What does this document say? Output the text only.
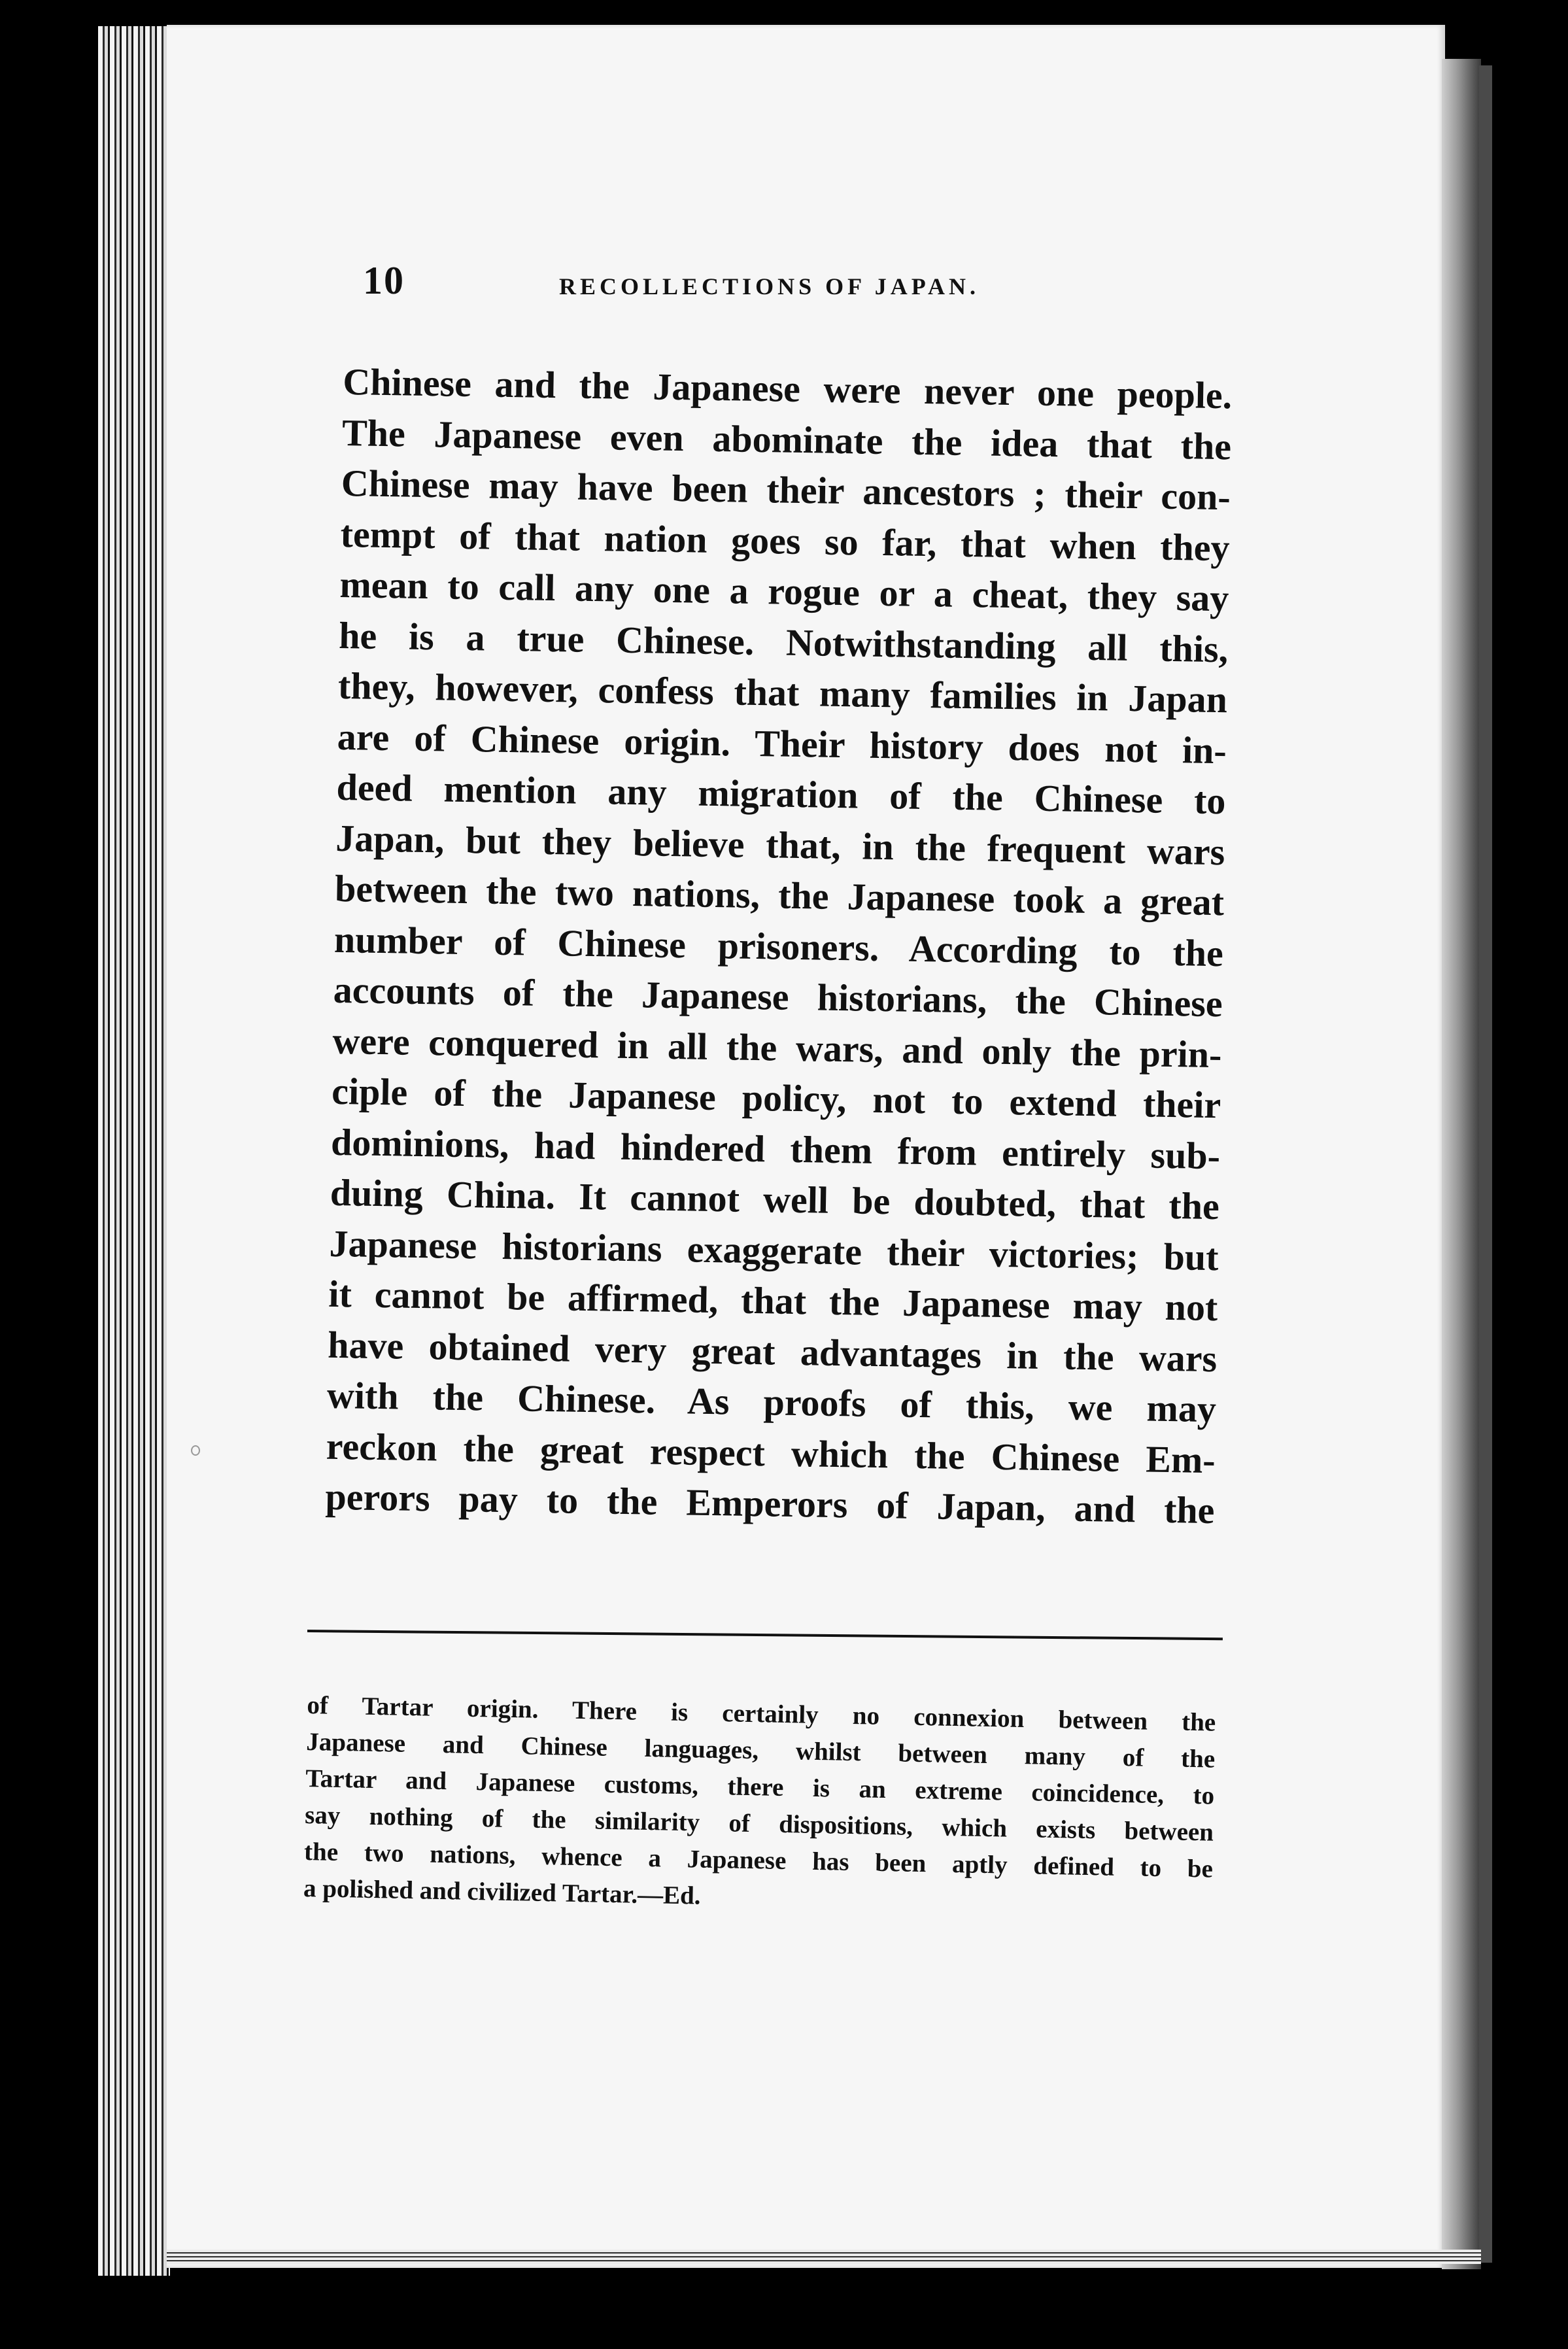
10	RECOLLECTIONS OF JAPAN.
Chinese and the Japanese were never one people.
The Japanese even abominate the idea that the
Chinese may have been their ancestors ; their con-
tempt of that nation goes so far, that when they
mean to call any one a rogue or a cheat, they say
he is a true Chinese. Notwithstanding all this,
they, however, confess that many families in Japan
are of Chinese origin. Their history does not in-
deed mention any migration of the Chinese to
Japan, but they believe that, in the frequent wars
between the two nations, the Japanese took a great
number of Chinese prisoners. According to the
accounts of the Japanese historians, the Chinese
were conquered in all the wars, and only the prin-
ciple of the Japanese policy, not to extend their
dominions, had hindered them from entirely sub-
duing China. It cannot well be doubted, that the
Japanese historians exaggerate their victories; but
it cannot be affirmed, that the Japanese may not
have obtained very great advantages in the wars
with the Chinese. As proofs of this, we may
reckon the great respect which the Chinese Em-
perors pay to the Emperors of Japan, and the
of Tartar origin. There is certainly no connexion between the
Japanese and Chinese languages, whilst between many of the
Tartar and Japanese customs, there is an extreme coincidence, to
say nothing of the similarity of dispositions, which exists between
the two nations, whence a Japanese has been aptly defined to be
a polished and civilized Tartar.—Ed.
